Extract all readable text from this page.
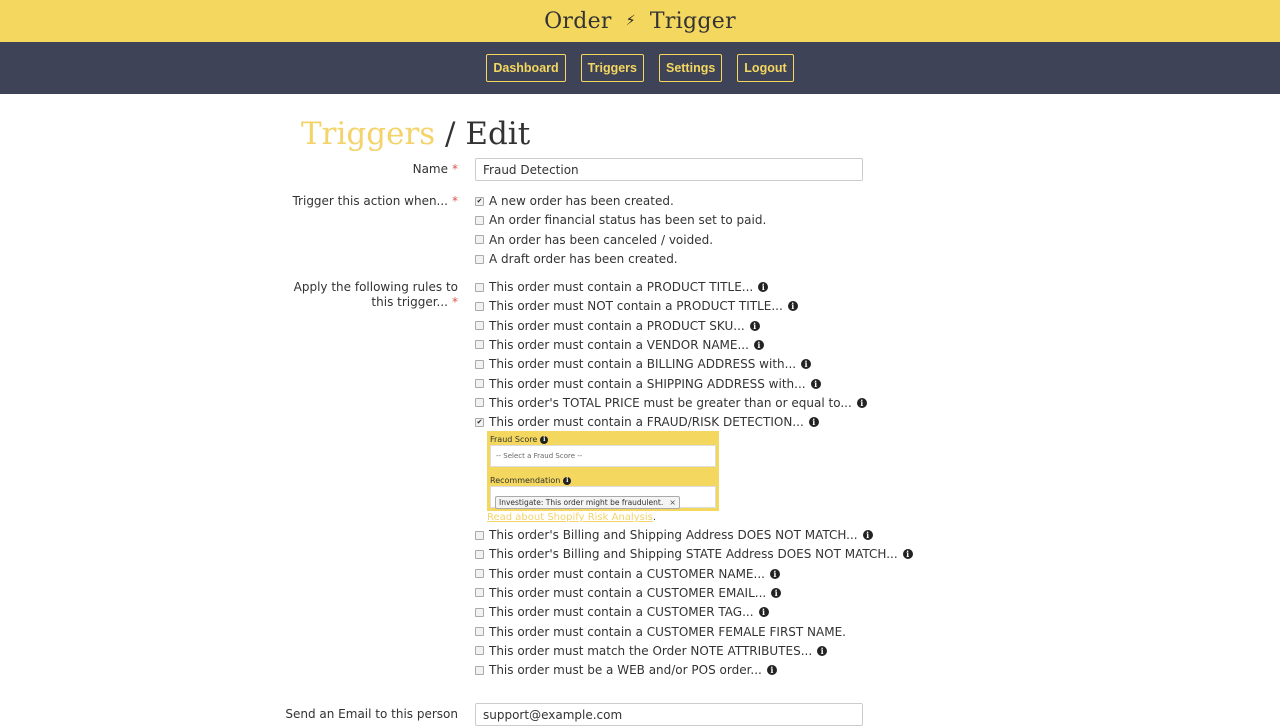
Order ⚡︎ Trigger
Dashboard	Triggers	Settings	Logout
Triggers / Edit
Name *	Fraud Detection
Trigger this action when... *	✔ A new order has been created.
An order financial status has been set to paid.
An order has been canceled / voided.
A draft order has been created.
Apply the following rules to
this trigger... *
This order must contain a PRODUCT TITLE...	i
This order must NOT contain a PRODUCT TITLE...	i
This order must contain a PRODUCT SKU...	i
This order must contain a VENDOR NAME...	i
This order must contain a BILLING ADDRESS with...	i
This order must contain a SHIPPING ADDRESS with...	i
This order's TOTAL PRICE must be greater than or equal to...	i
✔ This order must contain a FRAUD/RISK DETECTION...	i
Fraud Score i
-- Select a Fraud Score --
Recommendation i
Investigate: This order might be fraudulent. ×
Read about Shopify Risk Analysis.
This order's Billing and Shipping Address DOES NOT MATCH...	i
This order's Billing and Shipping STATE Address DOES NOT MATCH...	i
This order must contain a CUSTOMER NAME...	i
This order must contain a CUSTOMER EMAIL...	i
This order must contain a CUSTOMER TAG...	i
This order must contain a CUSTOMER FEMALE FIRST NAME.
This order must match the Order NOTE ATTRIBUTES...	i
This order must be a WEB and/or POS order...	i
Send an Email to this person	support@example.com
